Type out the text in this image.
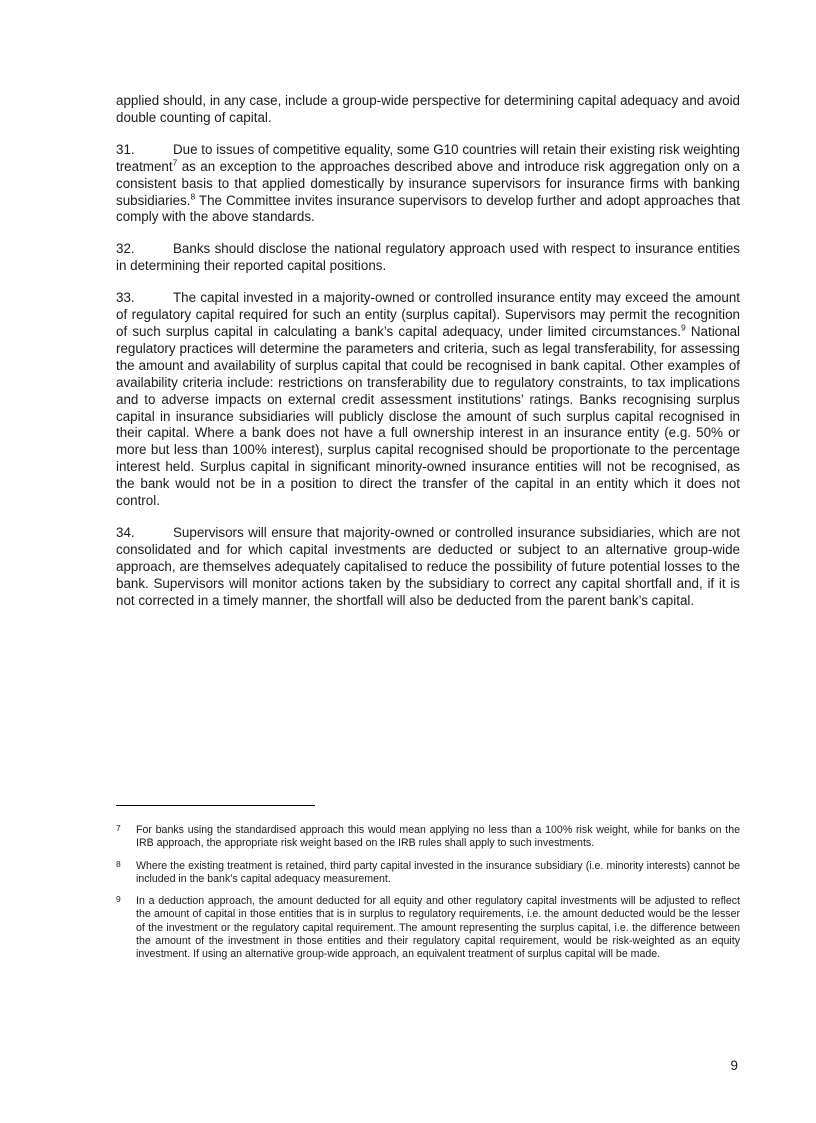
applied should, in any case, include a group-wide perspective for determining capital adequacy and avoid double counting of capital.

31.	Due to issues of competitive equality, some G10 countries will retain their existing risk weighting treatment$^7$ as an exception to the approaches described above and introduce risk aggregation only on a consistent basis to that applied domestically by insurance supervisors for insurance firms with banking subsidiaries.$^8$ The Committee invites insurance supervisors to develop further and adopt approaches that comply with the above standards.

32.	Banks should disclose the national regulatory approach used with respect to insurance entities in determining their reported capital positions.

33.	The capital invested in a majority-owned or controlled insurance entity may exceed the amount of regulatory capital required for such an entity (surplus capital). Supervisors may permit the recognition of such surplus capital in calculating a bank’s capital adequacy, under limited circumstances.$^9$ National regulatory practices will determine the parameters and criteria, such as legal transferability, for assessing the amount and availability of surplus capital that could be recognised in bank capital. Other examples of availability criteria include: restrictions on transferability due to regulatory constraints, to tax implications and to adverse impacts on external credit assessment institutions’ ratings. Banks recognising surplus capital in insurance subsidiaries will publicly disclose the amount of such surplus capital recognised in their capital. Where a bank does not have a full ownership interest in an insurance entity (e.g. 50% or more but less than 100% interest), surplus capital recognised should be proportionate to the percentage interest held. Surplus capital in significant minority-owned insurance entities will not be recognised, as the bank would not be in a position to direct the transfer of the capital in an entity which it does not control.

34.	Supervisors will ensure that majority-owned or controlled insurance subsidiaries, which are not consolidated and for which capital investments are deducted or subject to an alternative group-wide approach, are themselves adequately capitalised to reduce the possibility of future potential losses to the bank. Supervisors will monitor actions taken by the subsidiary to correct any capital shortfall and, if it is not corrected in a timely manner, the shortfall will also be deducted from the parent bank’s capital.

7 For banks using the standardised approach this would mean applying no less than a 100% risk weight, while for banks on the IRB approach, the appropriate risk weight based on the IRB rules shall apply to such investments.
8 Where the existing treatment is retained, third party capital invested in the insurance subsidiary (i.e. minority interests) cannot be included in the bank’s capital adequacy measurement.
9 In a deduction approach, the amount deducted for all equity and other regulatory capital investments will be adjusted to reflect the amount of capital in those entities that is in surplus to regulatory requirements, i.e. the amount deducted would be the lesser of the investment or the regulatory capital requirement. The amount representing the surplus capital, i.e. the difference between the amount of the investment in those entities and their regulatory capital requirement, would be risk-weighted as an equity investment. If using an alternative group-wide approach, an equivalent treatment of surplus capital will be made.
9
